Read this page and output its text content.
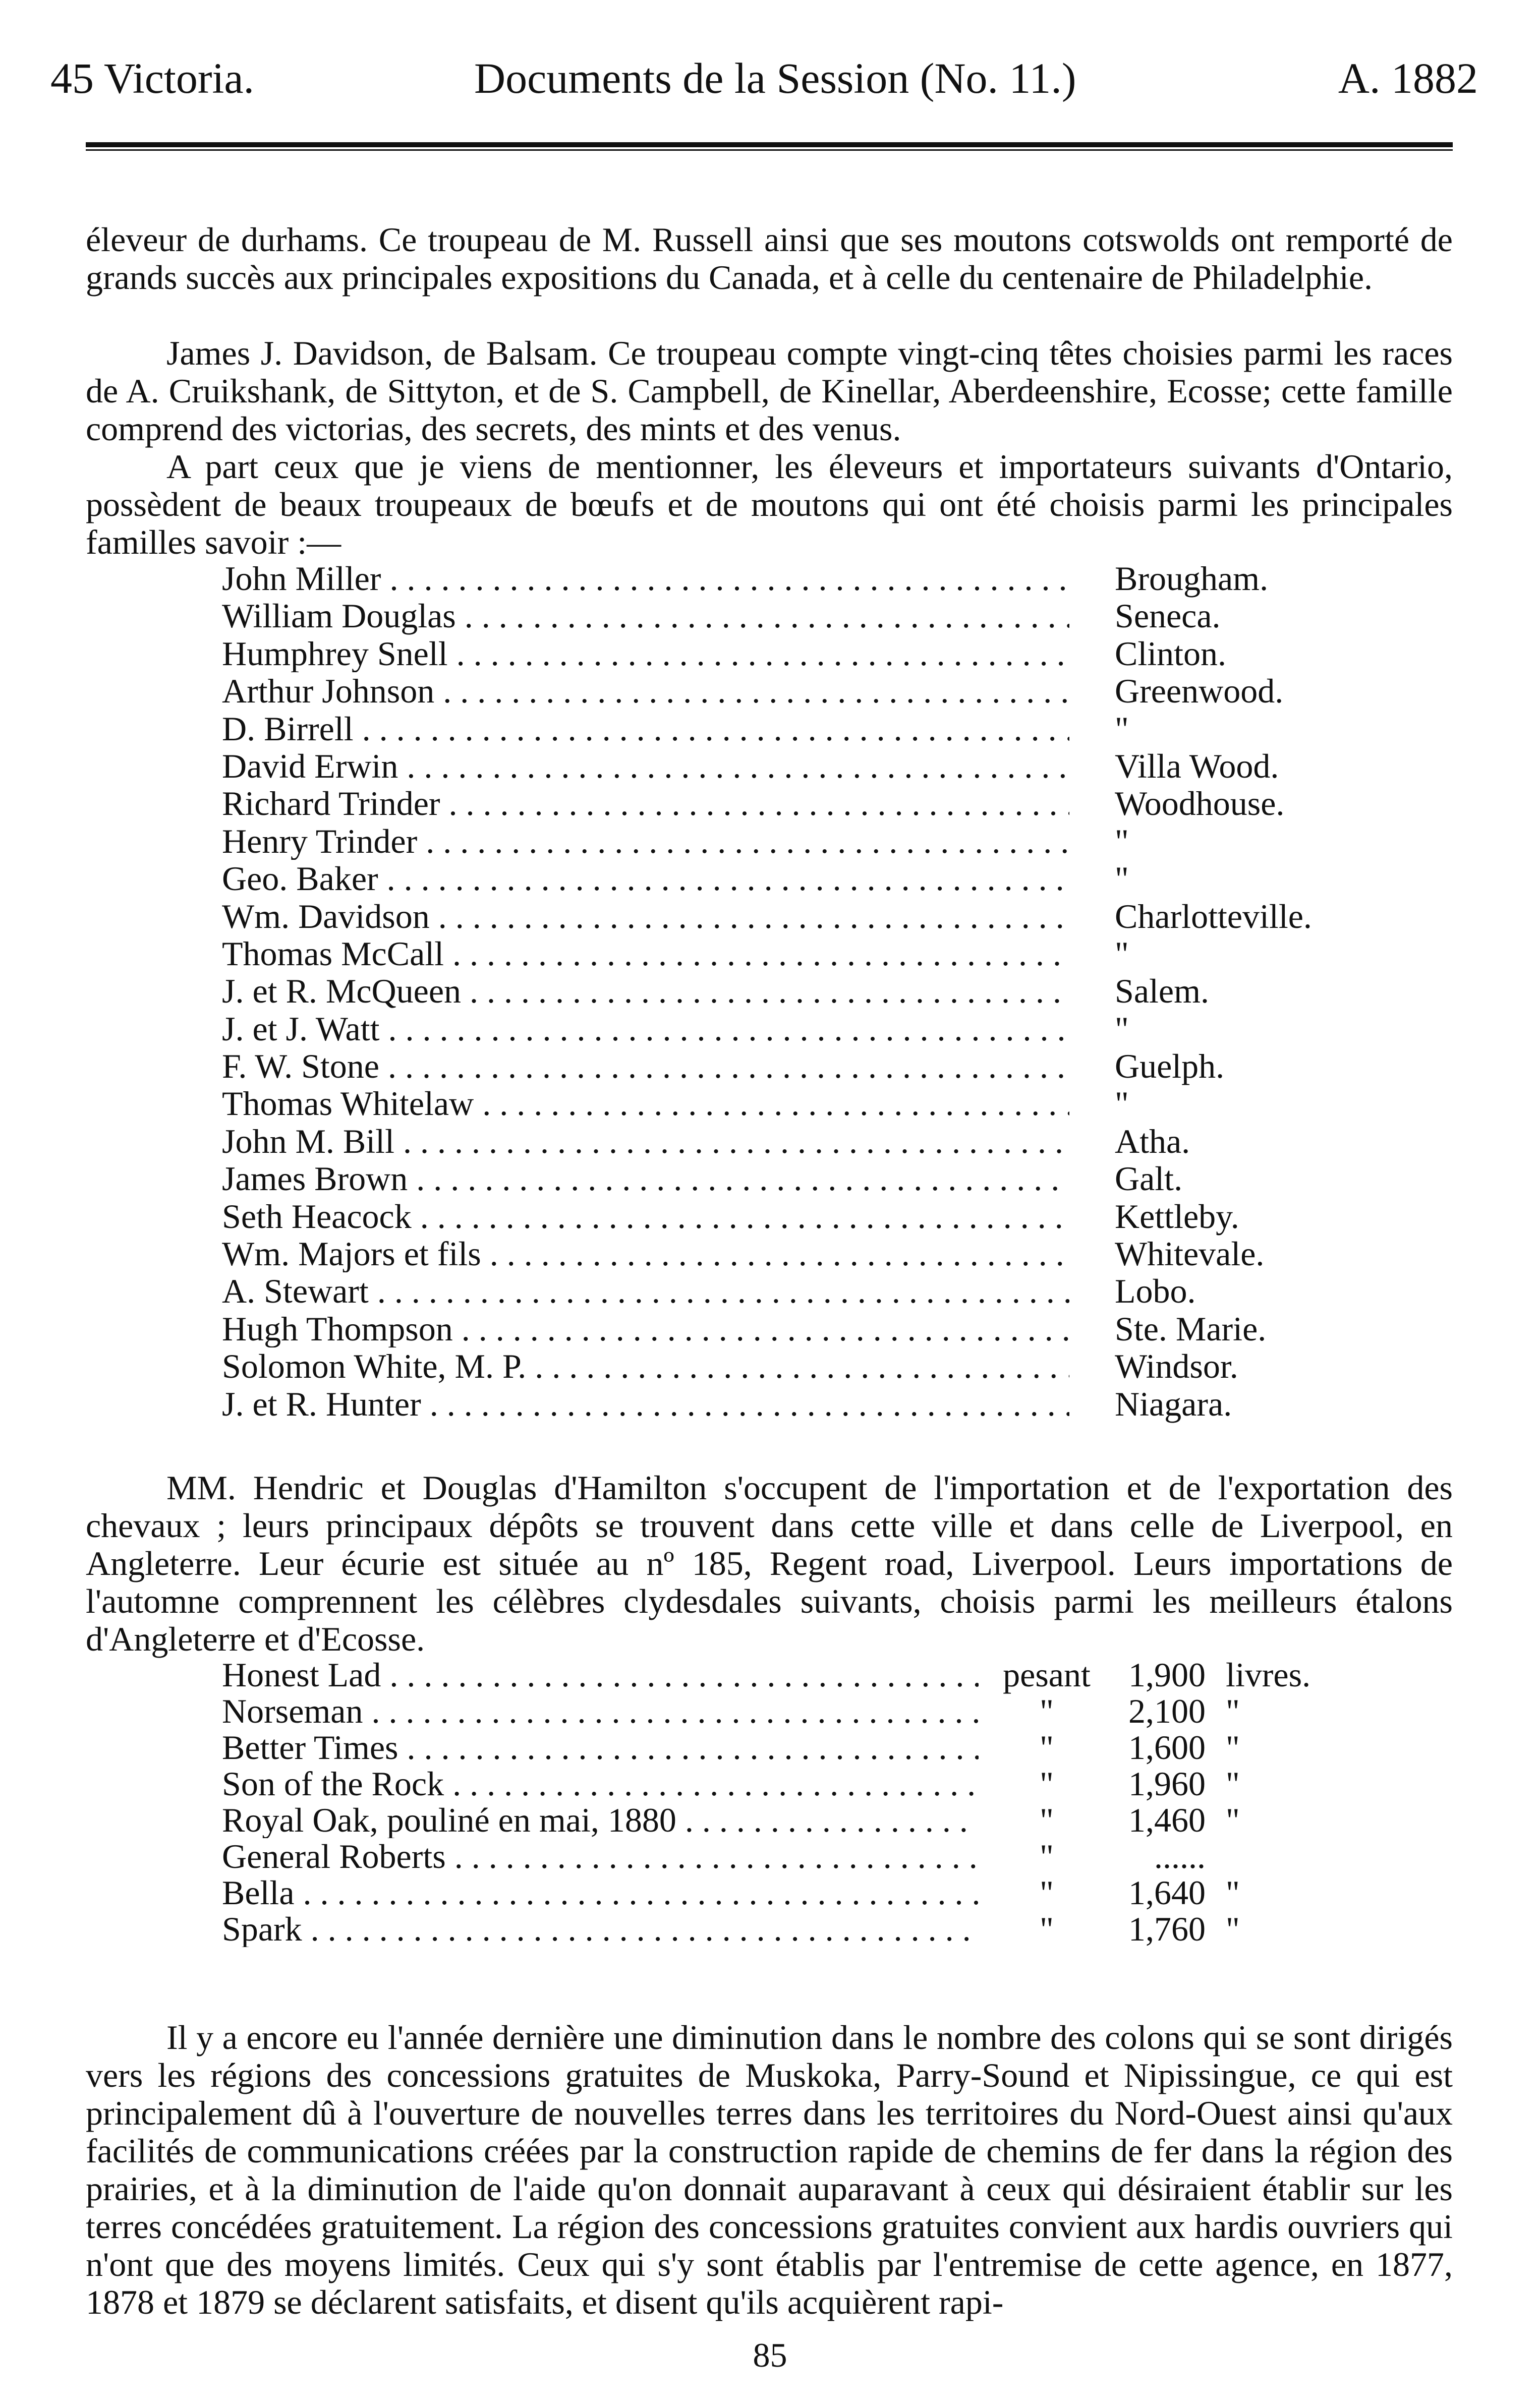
45 Victoria.	Documents de la Session (No. 11.)	A. 1882

éleveur de durhams. Ce troupeau de M. Russell ainsi que ses moutons cotswolds ont remporté de grands succès aux principales expositions du Canada, et à celle du centenaire de Philadelphie.

James J. Davidson, de Balsam. Ce troupeau compte vingt-cinq têtes choisies parmi les races de A. Cruikshank, de Sittyton, et de S. Campbell, de Kinellar, Aberdeenshire, Ecosse; cette famille comprend des victorias, des secrets, des mints et des venus.

A part ceux que je viens de mentionner, les éleveurs et importateurs suivants d'Ontario, possèdent de beaux troupeaux de bœufs et de moutons qui ont été choisis parmi les principales familles savoir :—

John Miller . . .	Brougham.
William Douglas . . .	Seneca.
Humphrey Snell . . .	Clinton.
Arthur Johnson . . .	Greenwood.
D. Birrell . . .	"
David Erwin . . .	Villa Wood.
Richard Trinder . . .	Woodhouse.
Henry Trinder . . .	"
Geo. Baker . . .	"
Wm. Davidson . . .	Charlotteville.
Thomas McCall . . .	"
J. et R. McQueen . . .	Salem.
J. et J. Watt . . .	"
F. W. Stone . . .	Guelph.
Thomas Whitelaw . . .	"
John M. Bill . . .	Atha.
James Brown . . .	Galt.
Seth Heacock . . .	Kettleby.
Wm. Majors et fils . . .	Whitevale.
A. Stewart . . .	Lobo.
Hugh Thompson . . .	Ste. Marie.
Solomon White, M. P. . . .	Windsor.
J. et R. Hunter . . .	Niagara.

MM. Hendric et Douglas d'Hamilton s'occupent de l'importation et de l'exportation des chevaux ; leurs principaux dépôts se trouvent dans cette ville et dans celle de Liverpool, en Angleterre. Leur écurie est située au nº 185, Regent road, Liverpool. Leurs importations de l'automne comprennent les célèbres clydesdales suivants, choisis parmi les meilleurs étalons d'Angleterre et d'Ecosse.

Honest Lad . . .	pesant	1,900 livres.
Norseman . . .	"	2,100 "
Better Times . . .	"	1,600 "
Son of the Rock . . .	"	1,960 "
Royal Oak, pouliné en mai, 1880 . . .	"	1,460 "
General Roberts . . .	"	......
Bella . . .	"	1,640 "
Spark . . .	"	1,760 "

Il y a encore eu l'année dernière une diminution dans le nombre des colons qui se sont dirigés vers les régions des concessions gratuites de Muskoka, Parry-Sound et Nipissingue, ce qui est principalement dû à l'ouverture de nouvelles terres dans les territoires du Nord-Ouest ainsi qu'aux facilités de communications créées par la construction rapide de chemins de fer dans la région des prairies, et à la diminution de l'aide qu'on donnait auparavant à ceux qui désiraient établir sur les terres concédées gratuitement. La région des concessions gratuites convient aux hardis ouvriers qui n'ont que des moyens limités. Ceux qui s'y sont établis par l'entremise de cette agence, en 1877, 1878 et 1879 se déclarent satisfaits, et disent qu'ils acquièrent rapi-

85
